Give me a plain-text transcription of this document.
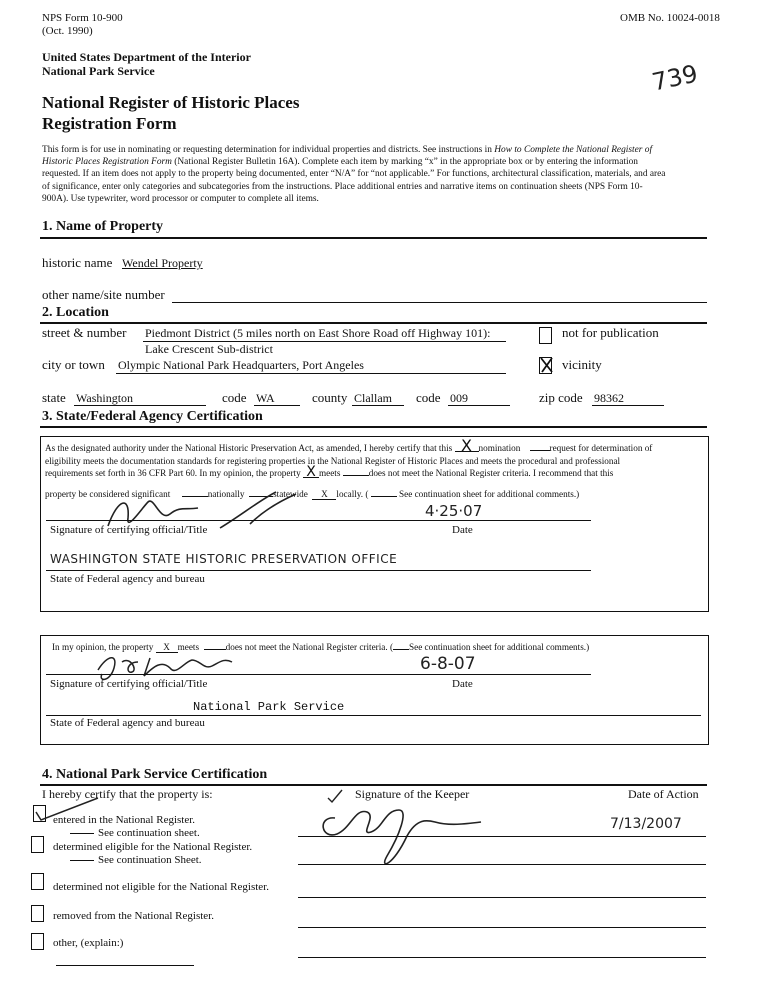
NPS Form 10-900
(Oct. 1990)
OMB No. 10024-0018
United States Department of the Interior
National Park Service	739
National Register of Historic Places
Registration Form
This form is for use in nominating or requesting determination for individual properties and districts. See instructions in How to Complete the National Register of
Historic Places Registration Form (National Register Bulletin 16A). Complete each item by marking “x” in the appropriate box or by entering the information
requested. If an item does not apply to the property being documented, enter “N/A” for “not applicable.” For functions, architectural classification, materials, and area
of significance, enter only categories and subcategories from the instructions. Place additional entries and narrative items on continuation sheets (NPS Form 10-
900A). Use typewriter, word processor or computer to complete all items.
1. Name of Property
historic name Wendel Property
other name/site number
2. Location
street & number Piedmont District (5 miles north on East Shore Road off Highway 101):
Lake Crescent Sub-district
not for publication
city or town Olympic National Park Headquarters, Port Angeles	vicinity
state Washington	code WA	county Clallam code 009	zip code 98362
3. State/Federal Agency Certification
As the designated authority under the National Historic Preservation Act, as amended, I hereby certify that this X nomination	request for determination of
eligibility meets the documentation standards for registering properties in the National Register of Historic Places and meets the procedural and professional
requirements set forth in 36 CFR Part 60. In my opinion, the property X meets	does not meet the National Register criteria. I recommend that this
property be considered significant	nationally	statewide X locally. (	See continuation sheet for additional comments.)
4·25·07
Signature of certifying official/Title	Date
WASHINGTON STATE HISTORIC PRESERVATION OFFICE
State of Federal agency and bureau
In my opinion, the property X meets	does not meet the National Register criteria. ( See continuation sheet for additional comments.)
6-8-07
Signature of certifying official/Title	Date
National Park Service
State of Federal agency and bureau
4. National Park Service Certification
I hereby certify that the property is:	Signature of the Keeper	Date of Action
entered in the National Register.
See continuation sheet.
determined eligible for the National Register.
See continuation Sheet.
determined not eligible for the National Register.
removed from the National Register.
other, (explain:)
7/13/2007
